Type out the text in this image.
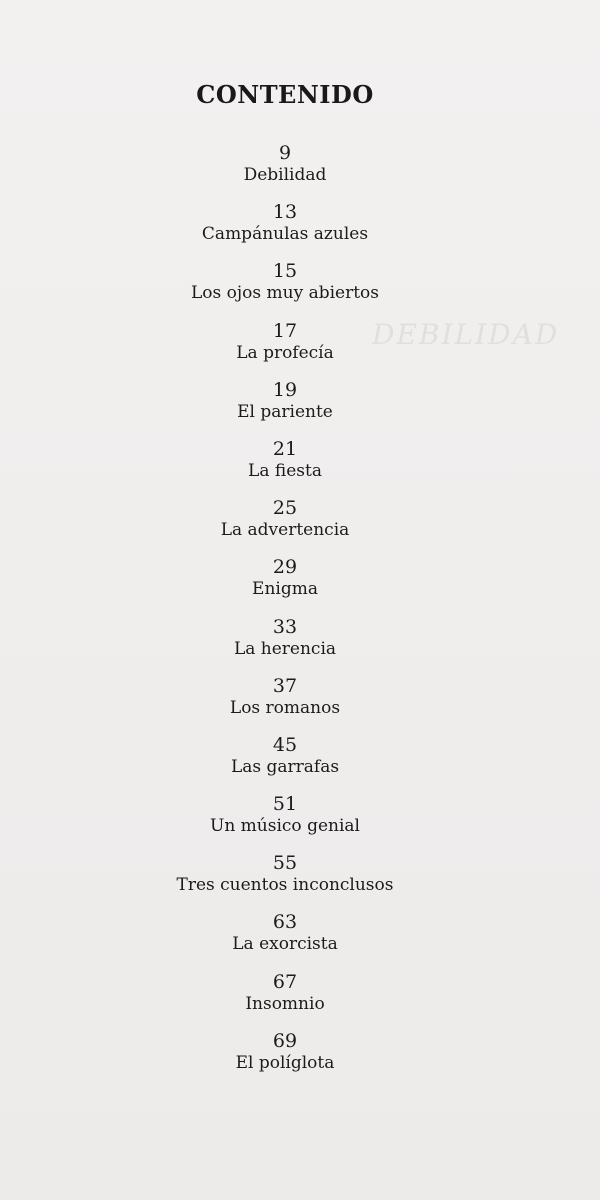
DEBILIDAD
CONTENIDO
9
Debilidad
13
Campánulas azules
15
Los ojos muy abiertos
17
La profecía
19
El pariente
21
La fiesta
25
La advertencia
29
Enigma
33
La herencia
37
Los romanos
45
Las garrafas
51
Un músico genial
55
Tres cuentos inconclusos
63
La exorcista
67
Insomnio
69
El políglota
